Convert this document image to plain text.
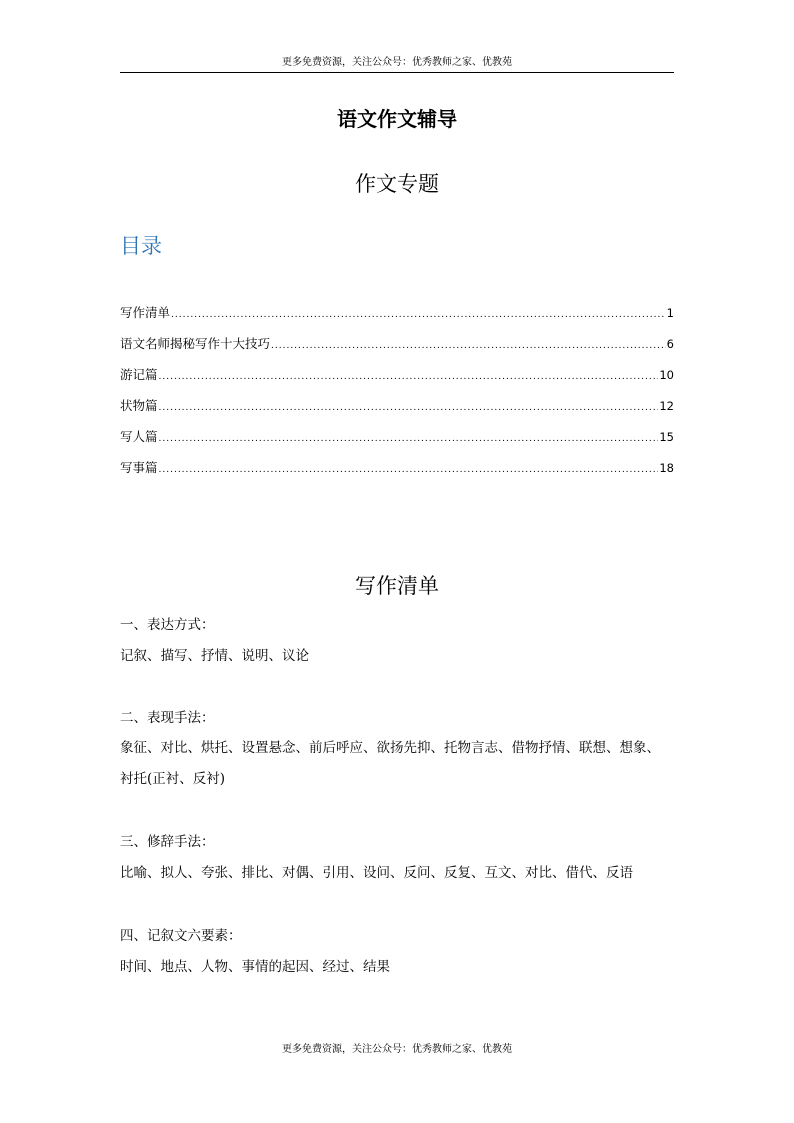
更多免费资源，关注公众号：优秀教师之家、优教苑
语文作文辅导
作文专题
目录
写作清单 .....	1
语文名师揭秘写作十大技巧 .....	6
游记篇 .....	10
状物篇 .....	12
写人篇 .....	15
写事篇 .....	18
写作清单
一、表达方式：
记叙、描写、抒情、说明、议论
二、表现手法：
象征、对比、烘托、设置悬念、前后呼应、欲扬先抑、托物言志、借物抒情、联想、想象、
衬托(正衬、反衬)
三、修辞手法：
比喻、拟人、夸张、排比、对偶、引用、设问、反问、反复、互文、对比、借代、反语
四、记叙文六要素：
时间、地点、人物、事情的起因、经过、结果
更多免费资源，关注公众号：优秀教师之家、优教苑
